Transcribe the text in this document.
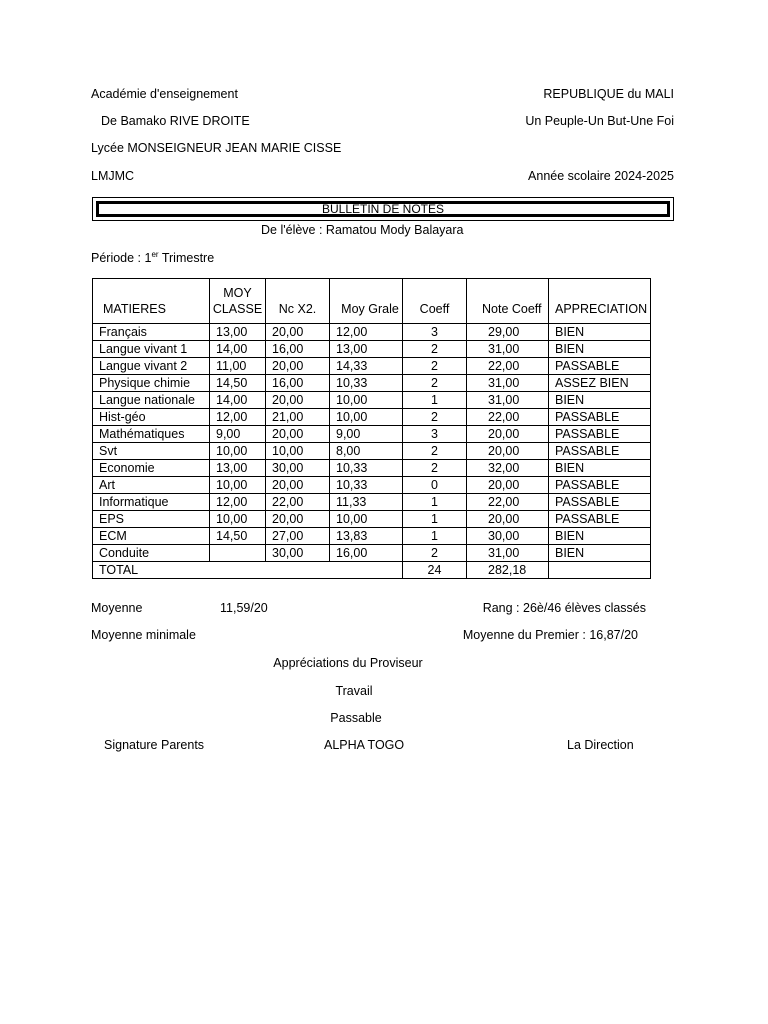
Académie d'enseignement
De Bamako RIVE DROITE
Lycée MONSEIGNEUR JEAN MARIE CISSE
LMJMC
REPUBLIQUE du MALI
Un Peuple-Un But-Une Foi
Année scolaire 2024-2025
BULLETIN DE NOTES
De l'élève : Ramatou Mody Balayara
Période : 1er Trimestre
MATIERES	MOY CLASSE	Nc X2.	Moy Grale	Coeff	Note Coeff	APPRECIATION
Français	13,00	20,00	12,00	3	29,00	BIEN
Langue vivant 1	14,00	16,00	13,00	2	31,00	BIEN
Langue vivant 2	11,00	20,00	14,33	2	22,00	PASSABLE
Physique chimie	14,50	16,00	10,33	2	31,00	ASSEZ BIEN
Langue nationale	14,00	20,00	10,00	1	31,00	BIEN
Hist-géo	12,00	21,00	10,00	2	22,00	PASSABLE
Mathématiques	9,00	20,00	9,00	3	20,00	PASSABLE
Svt	10,00	10,00	8,00	2	20,00	PASSABLE
Economie	13,00	30,00	10,33	2	32,00	BIEN
Art	10,00	20,00	10,33	0	20,00	PASSABLE
Informatique	12,00	22,00	11,33	1	22,00	PASSABLE
EPS	10,00	20,00	10,00	1	20,00	PASSABLE
ECM	14,50	27,00	13,83	1	30,00	BIEN
Conduite		30,00	16,00	2	31,00	BIEN
TOTAL				24	282,18	
Moyenne	11,59/20	Rang : 26è/46 élèves classés
Moyenne minimale	Moyenne du Premier : 16,87/20
Appréciations du Proviseur
Travail
Passable
Signature Parents	ALPHA TOGO	La Direction
